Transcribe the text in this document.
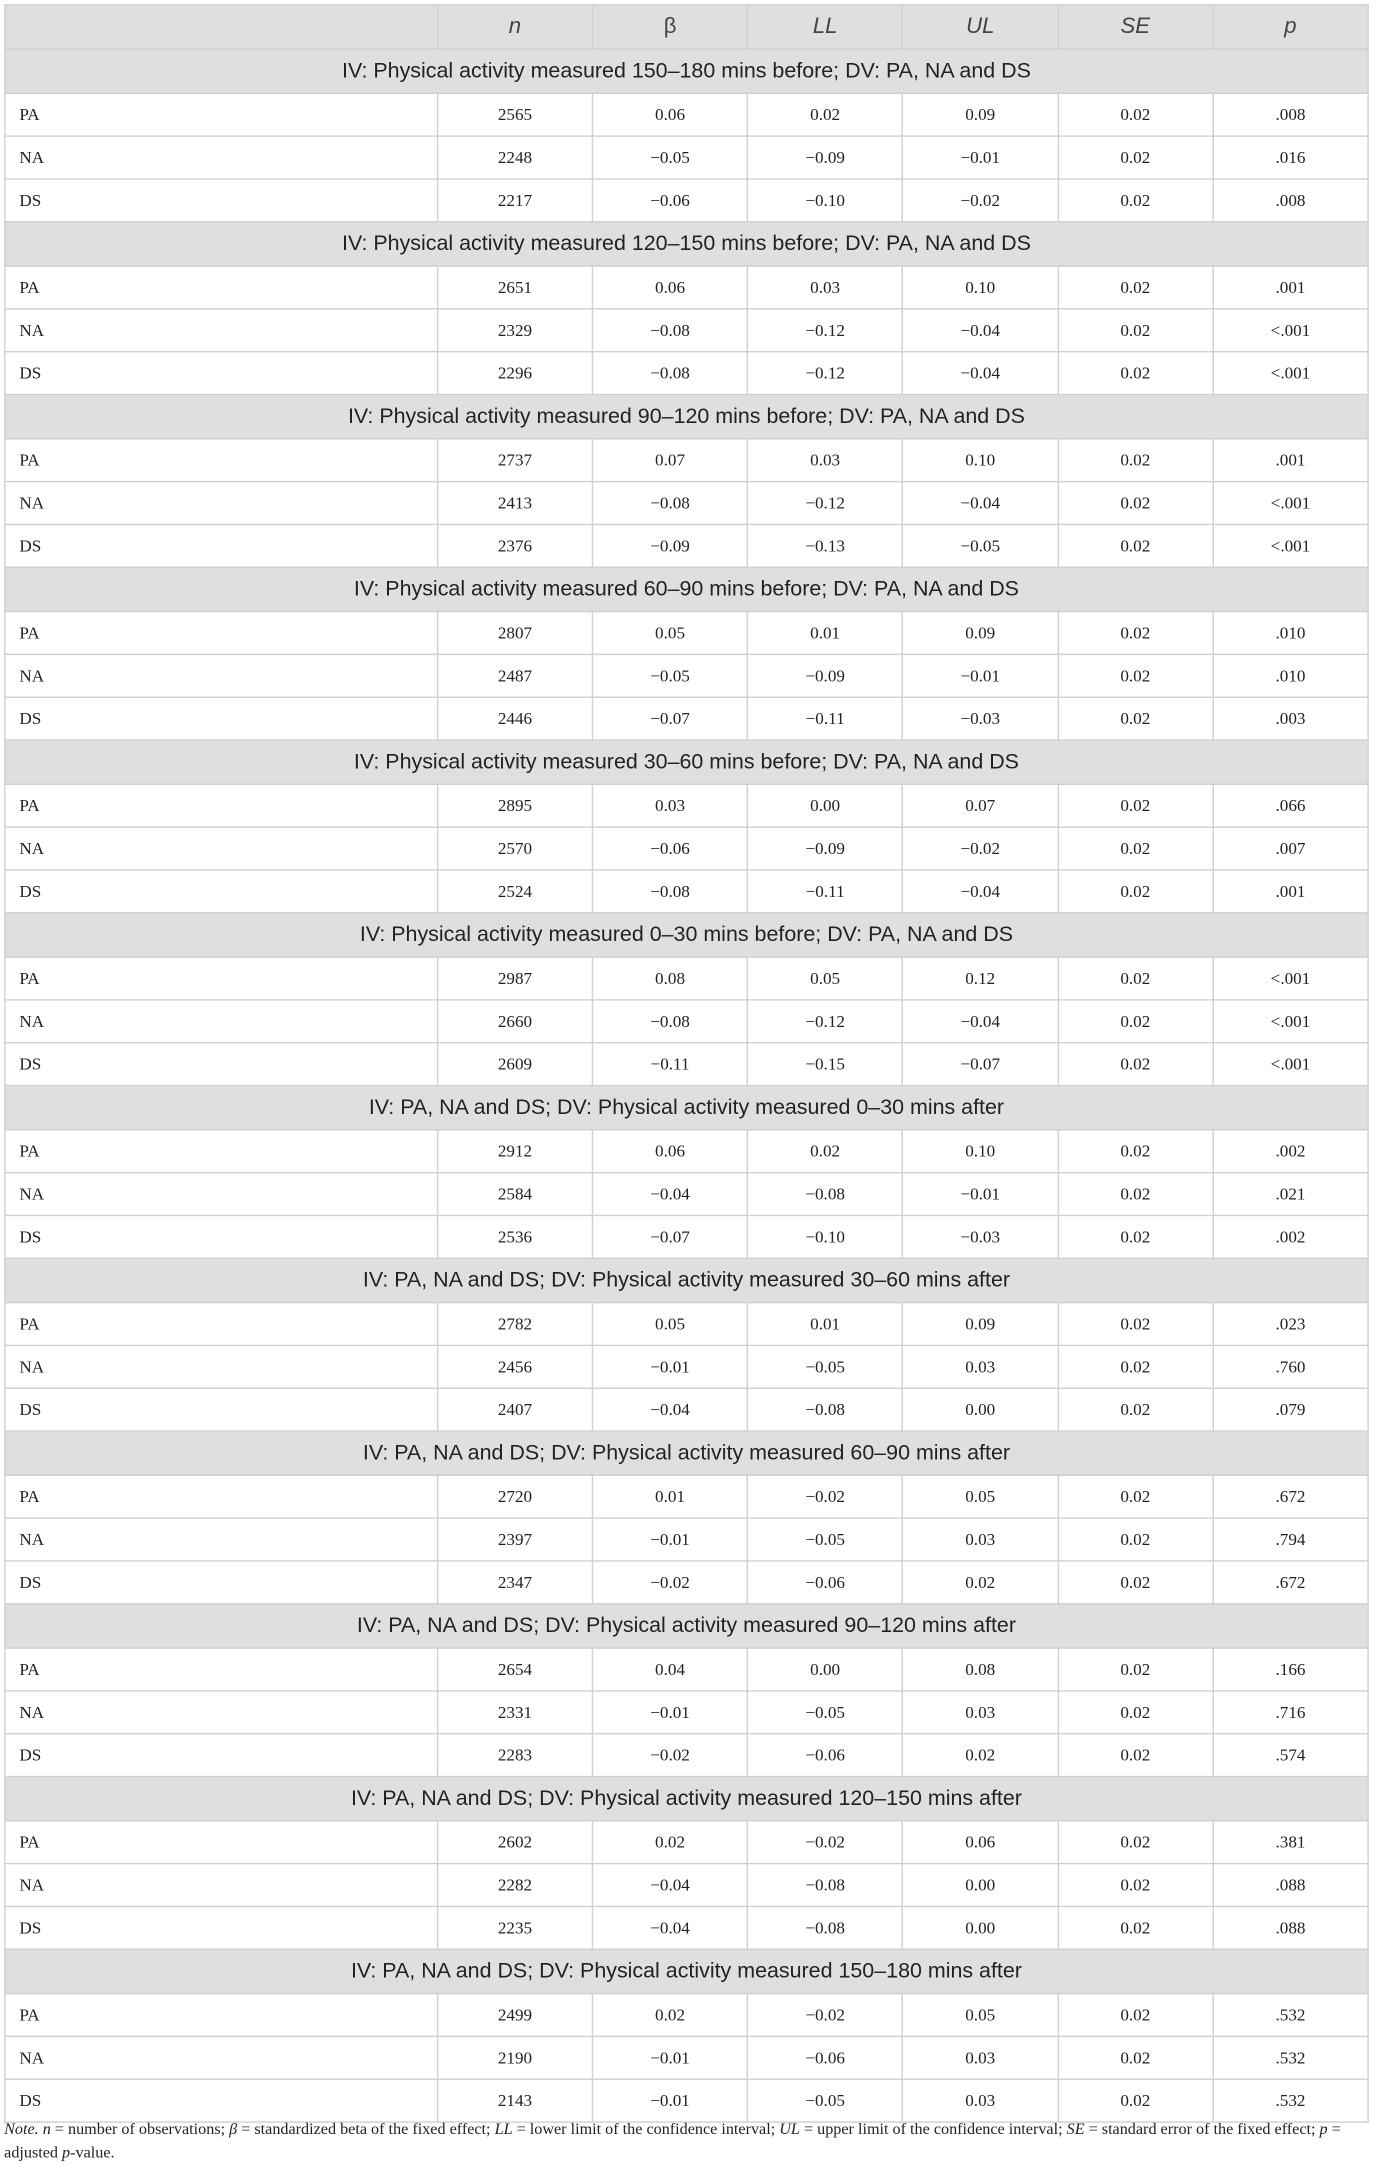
	n	β	LL	UL	SE	p
IV: Physical activity measured 150–180 mins before; DV: PA, NA and DS						
PA	2565	0.06	0.02	0.09	0.02	.008
NA	2248	−0.05	−0.09	−0.01	0.02	.016
DS	2217	−0.06	−0.10	−0.02	0.02	.008
IV: Physical activity measured 120–150 mins before; DV: PA, NA and DS						
PA	2651	0.06	0.03	0.10	0.02	.001
NA	2329	−0.08	−0.12	−0.04	0.02	<.001
DS	2296	−0.08	−0.12	−0.04	0.02	<.001
IV: Physical activity measured 90–120 mins before; DV: PA, NA and DS						
PA	2737	0.07	0.03	0.10	0.02	.001
NA	2413	−0.08	−0.12	−0.04	0.02	<.001
DS	2376	−0.09	−0.13	−0.05	0.02	<.001
IV: Physical activity measured 60–90 mins before; DV: PA, NA and DS						
PA	2807	0.05	0.01	0.09	0.02	.010
NA	2487	−0.05	−0.09	−0.01	0.02	.010
DS	2446	−0.07	−0.11	−0.03	0.02	.003
IV: Physical activity measured 30–60 mins before; DV: PA, NA and DS						
PA	2895	0.03	0.00	0.07	0.02	.066
NA	2570	−0.06	−0.09	−0.02	0.02	.007
DS	2524	−0.08	−0.11	−0.04	0.02	.001
IV: Physical activity measured 0–30 mins before; DV: PA, NA and DS						
PA	2987	0.08	0.05	0.12	0.02	<.001
NA	2660	−0.08	−0.12	−0.04	0.02	<.001
DS	2609	−0.11	−0.15	−0.07	0.02	<.001
IV: PA, NA and DS; DV: Physical activity measured 0–30 mins after						
PA	2912	0.06	0.02	0.10	0.02	.002
NA	2584	−0.04	−0.08	−0.01	0.02	.021
DS	2536	−0.07	−0.10	−0.03	0.02	.002
IV: PA, NA and DS; DV: Physical activity measured 30–60 mins after						
PA	2782	0.05	0.01	0.09	0.02	.023
NA	2456	−0.01	−0.05	0.03	0.02	.760
DS	2407	−0.04	−0.08	0.00	0.02	.079
IV: PA, NA and DS; DV: Physical activity measured 60–90 mins after						
PA	2720	0.01	−0.02	0.05	0.02	.672
NA	2397	−0.01	−0.05	0.03	0.02	.794
DS	2347	−0.02	−0.06	0.02	0.02	.672
IV: PA, NA and DS; DV: Physical activity measured 90–120 mins after						
PA	2654	0.04	0.00	0.08	0.02	.166
NA	2331	−0.01	−0.05	0.03	0.02	.716
DS	2283	−0.02	−0.06	0.02	0.02	.574
IV: PA, NA and DS; DV: Physical activity measured 120–150 mins after						
PA	2602	0.02	−0.02	0.06	0.02	.381
NA	2282	−0.04	−0.08	0.00	0.02	.088
DS	2235	−0.04	−0.08	0.00	0.02	.088
IV: PA, NA and DS; DV: Physical activity measured 150–180 mins after						
PA	2499	0.02	−0.02	0.05	0.02	.532
NA	2190	−0.01	−0.06	0.03	0.02	.532
DS	2143	−0.01	−0.05	0.03	0.02	.532
Note. n = number of observations; β = standardized beta of the fixed effect; LL = lower limit of the confidence interval; UL = upper limit of the confidence interval; SE = standard error of the fixed effect; p = adjusted p-value.
